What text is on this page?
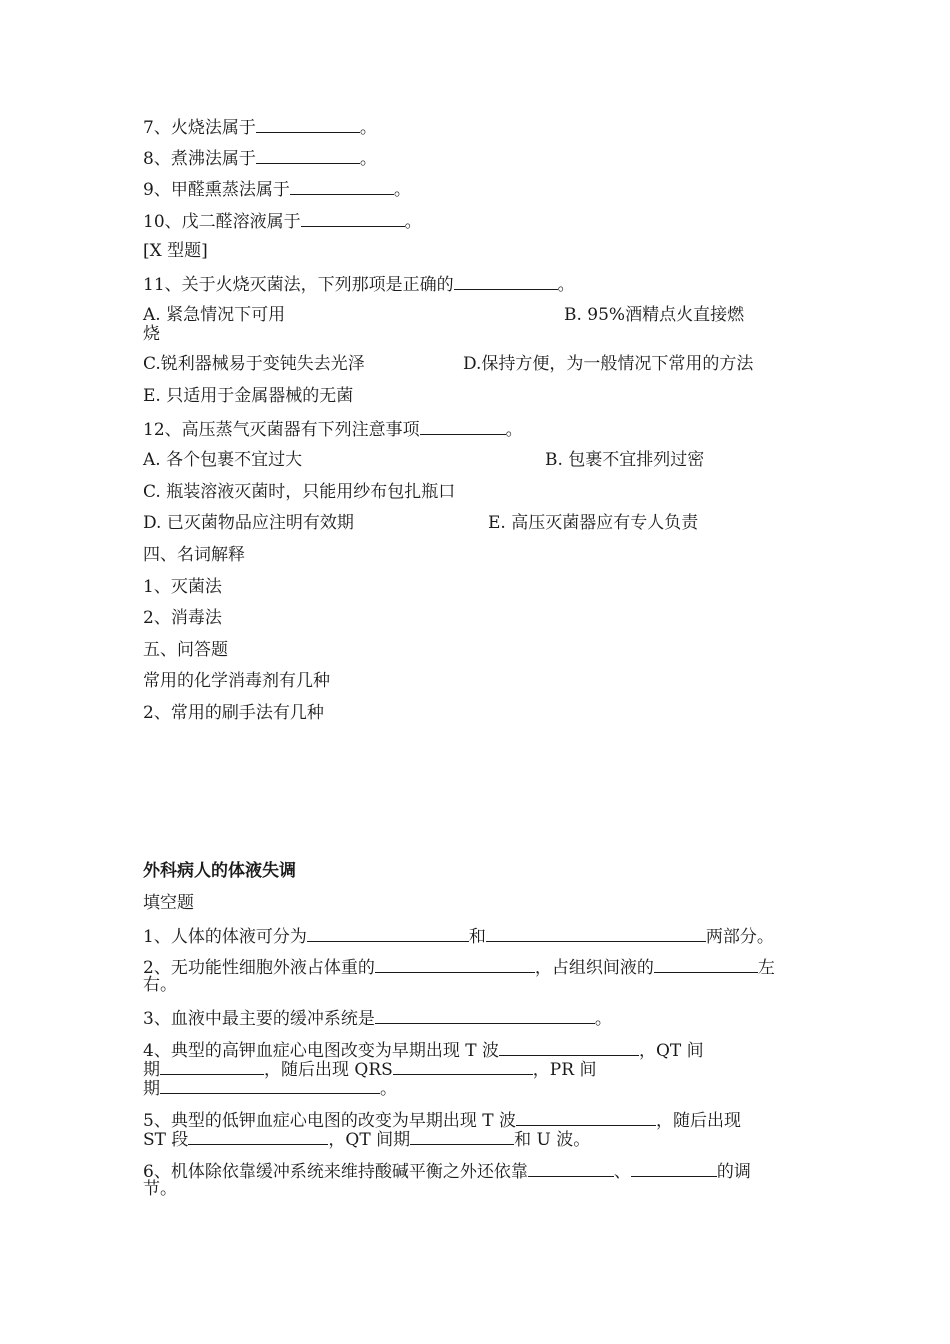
7、火烧法属于	。
8、煮沸法属于	。
9、甲醛熏蒸法属于	。
10、戊二醛溶液属于	。
[X 型题]
11、关于火烧灭菌法，下列那项是正确的	。
A. 紧急情况下可用	B. 95%酒精点火直接燃
烧
C.锐利器械易于变钝失去光泽	D.保持方便，为一般情况下常用的方法
E. 只适用于金属器械的无菌
12、高压蒸气灭菌器有下列注意事项	。
A. 各个包裹不宜过大	B. 包裹不宜排列过密
C. 瓶装溶液灭菌时，只能用纱布包扎瓶口
D. 已灭菌物品应注明有效期	E. 高压灭菌器应有专人负责
四、名词解释
1、灭菌法
2、消毒法
五、问答题
常用的化学消毒剂有几种
2、常用的刷手法有几种
外科病人的体液失调
填空题
1、人体的体液可分为	和	两部分。
2、无功能性细胞外液占体重的	，占组织间液的	左
右。
3、血液中最主要的缓冲系统是	。
4、典型的高钾血症心电图改变为早期出现 T 波	，QT 间
期	，随后出现 QRS	，PR 间
期	。
5、典型的低钾血症心电图的改变为早期出现 T 波	，随后出现
ST 段	，QT 间期	和 U 波。
6、机体除依靠缓冲系统来维持酸碱平衡之外还依靠	、	的调
节。
